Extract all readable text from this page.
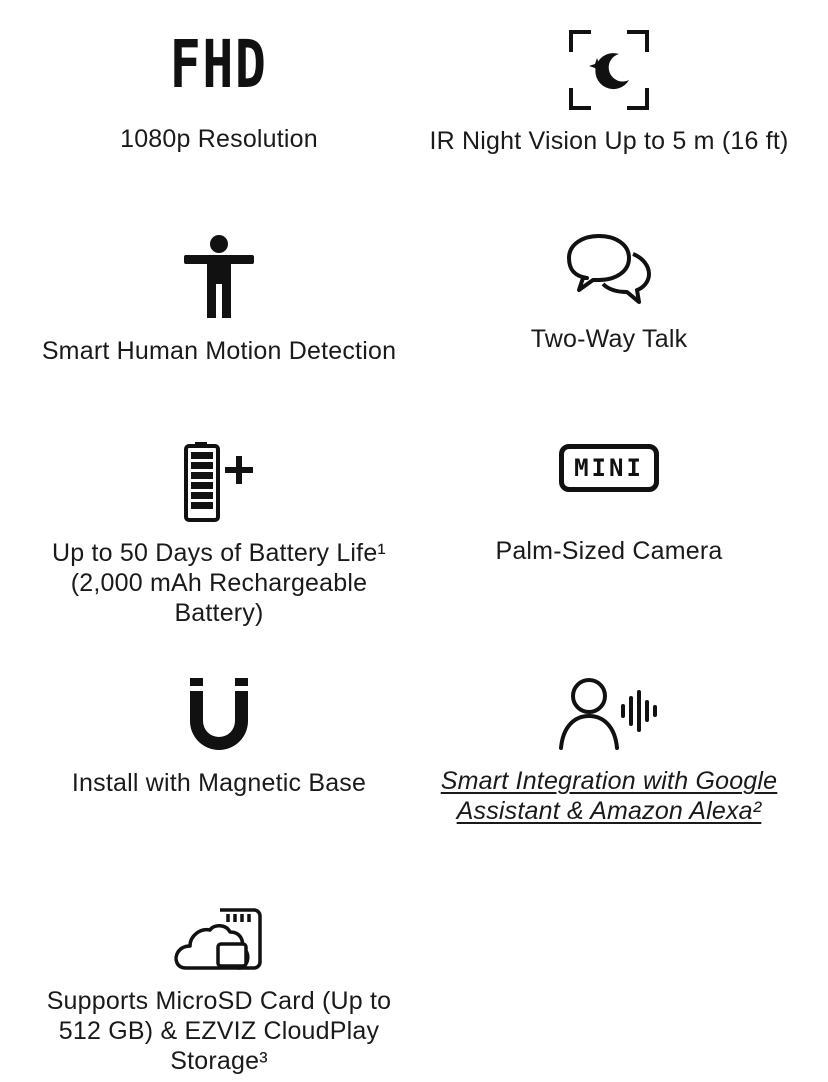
FHD

1080p Resolution	IR Night Vision Up to 5 m (16 ft)

Smart Human Motion Detection	Two-Way Talk

Up to 50 Days of Battery Life¹ (2,000 mAh Rechargeable Battery)

MINI

Palm-Sized Camera

Install with Magnetic Base	Smart Integration with Google Assistant & Amazon Alexa²

Supports MicroSD Card (Up to 512 GB) & EZVIZ CloudPlay Storage³
